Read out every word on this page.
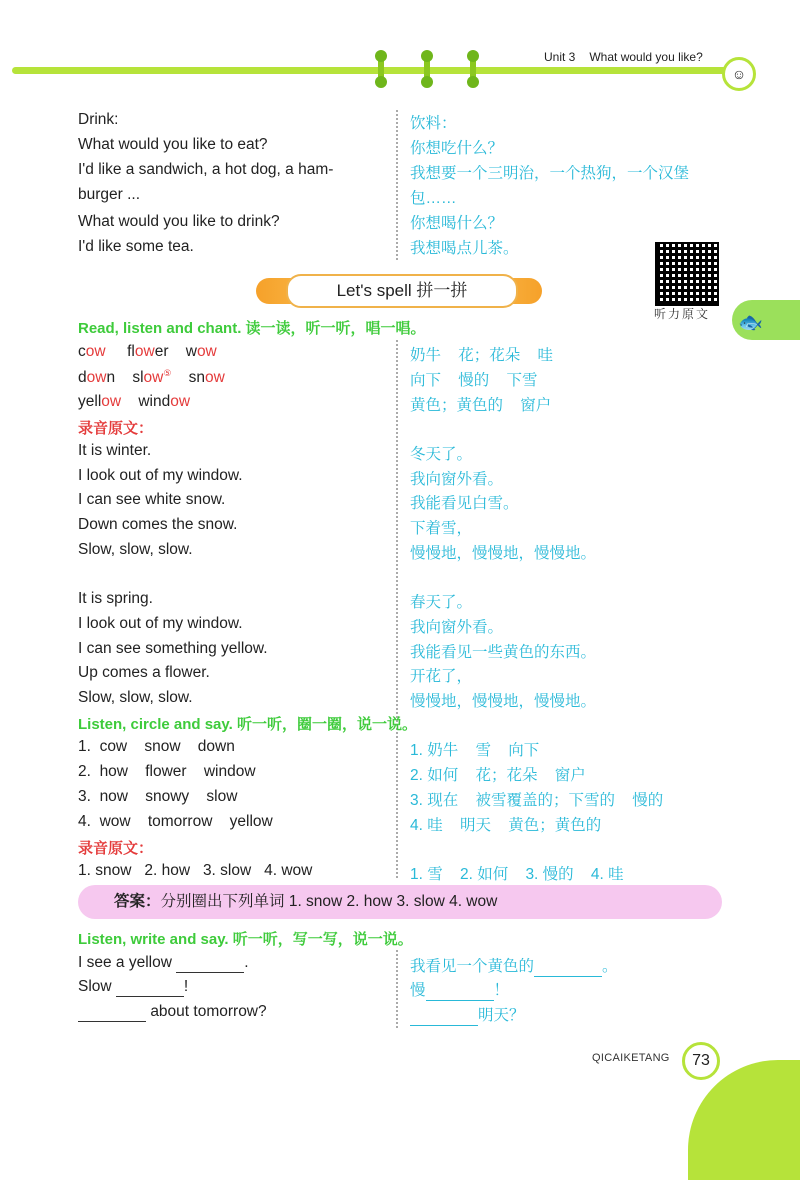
Unit 3 What would you like?
☺
Drink:	饮料：
What would you like to eat?	你想吃什么？
I'd like a sandwich, a hot dog, a ham-	我想要一个三明治，一个热狗，一个汉堡
burger ...	包……
What would you like to drink?	你想喝什么？
I'd like some tea.	我想喝点儿茶。
Let's spell 拼一拼
听力原文 🐟
Read, listen and chant. 读一读，听一听，唱一唱。
cow flower wow	奶牛 花；花朵 哇
down slow⑤ snow	向下 慢的 下雪
yellow window	黄色；黄色的 窗户
录音原文：
It is winter.	冬天了。
I look out of my window.	我向窗外看。
I can see white snow.	我能看见白雪。
Down comes the snow.	下着雪，
Slow, slow, slow.	慢慢地，慢慢地，慢慢地。
It is spring.	春天了。
I look out of my window.	我向窗外看。
I can see something yellow.	我能看见一些黄色的东西。
Up comes a flower.	开花了，
Slow, slow, slow.	慢慢地，慢慢地，慢慢地。
Listen, circle and say. 听一听，圈一圈，说一说。
1. cow snow down	1. 奶牛 雪 向下
2. how flower window	2. 如何 花；花朵 窗户
3. now snowy slow	3. 现在 被雪覆盖的；下雪的 慢的
4. wow tomorrow yellow	4. 哇 明天 黄色；黄色的
录音原文：
1. snow 2. how 3. slow 4. wow	1. 雪 2. 如何 3. 慢的 4. 哇
答案：分别圈出下列单词 1. snow 2. how 3. slow 4. wow
Listen, write and say. 听一听，写一写，说一说。
I see a yellow	.	我看见一个黄色的	。
Slow	!	慢	！
about tomorrow?	明天？
QICAIKETANG	73
